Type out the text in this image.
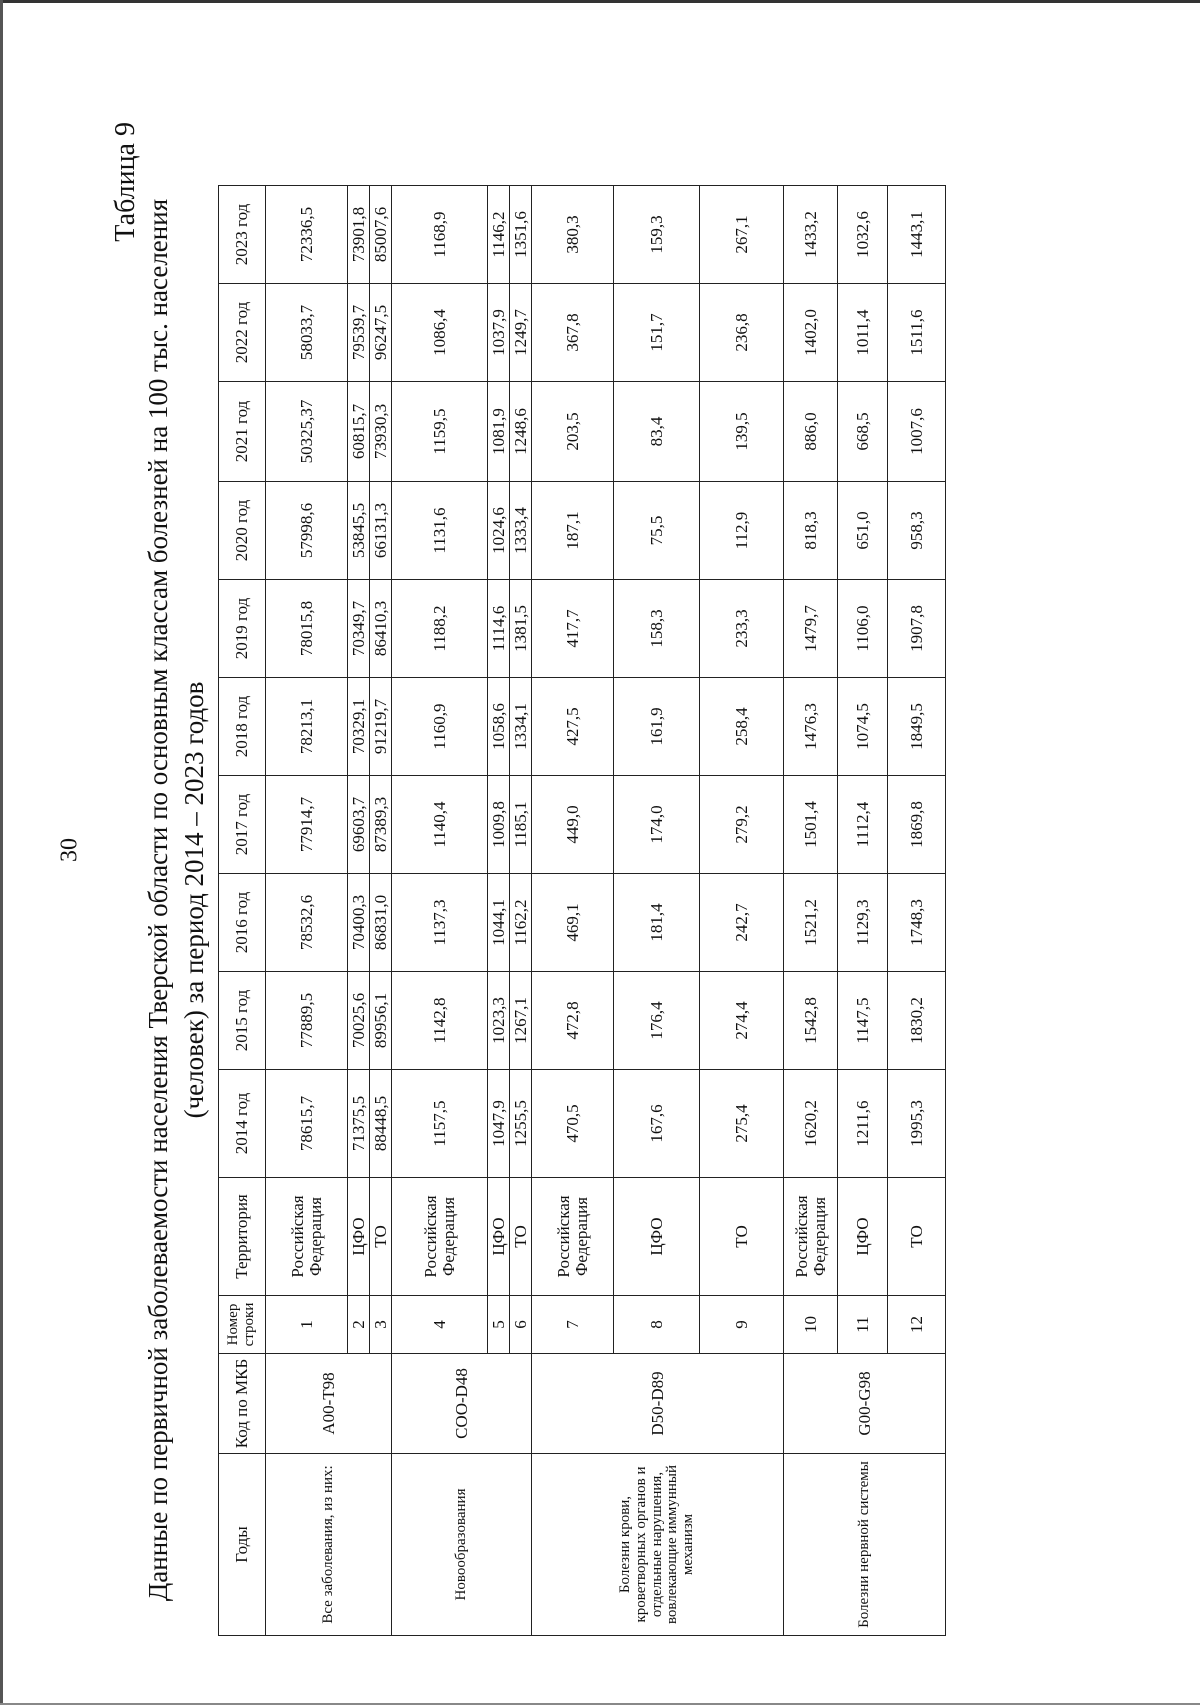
30
Таблица 9
Данные по первичной заболеваемости населения Тверской области по основным классам болезней на 100 тыс. населения (человек) за период 2014 – 2023 годов
Годы	Код по МКБ	Номер строки	Территория	2014 год	2015 год	2016 год	2017 год	2018 год	2019 год	2020 год	2021 год	2022 год	2023 год
Все заболевания, из них:	A00-T98	1	Российская Федерация	78615,7	77889,5	78532,6	77914,7	78213,1	78015,8	57998,6	50325,37	58033,7	72336,5
		2	ЦФО	71375,5	70025,6	70400,3	69603,7	70329,1	70349,7	53845,5	60815,7	79539,7	73901,8
		3	ТО	88448,5	89956,1	86831,0	87389,3	91219,7	86410,3	66131,3	73930,3	96247,5	85007,6
Новообразования	COO-D48	4	Российская Федерация	1157,5	1142,8	1137,3	1140,4	1160,9	1188,2	1131,6	1159,5	1086,4	1168,9
		5	ЦФО	1047,9	1023,3	1044,1	1009,8	1058,6	1114,6	1024,6	1081,9	1037,9	1146,2
		6	ТО	1255,5	1267,1	1162,2	1185,1	1334,1	1381,5	1333,4	1248,6	1249,7	1351,6
Болезни крови, кроветворных органов и отдельные нарушения, вовлекающие иммунный механизм	D50-D89	7	Российская Федерация	470,5	472,8	469,1	449,0	427,5	417,7	187,1	203,5	367,8	380,3
		8	ЦФО	167,6	176,4	181,4	174,0	161,9	158,3	75,5	83,4	151,7	159,3
		9	ТО	275,4	274,4	242,7	279,2	258,4	233,3	112,9	139,5	236,8	267,1
Болезни нервной системы	G00-G98	10	Российская Федерация	1620,2	1542,8	1521,2	1501,4	1476,3	1479,7	818,3	886,0	1402,0	1433,2
		11	ЦФО	1211,6	1147,5	1129,3	1112,4	1074,5	1106,0	651,0	668,5	1011,4	1032,6
		12	ТО	1995,3	1830,2	1748,3	1869,8	1849,5	1907,8	958,3	1007,6	1511,6	1443,1
